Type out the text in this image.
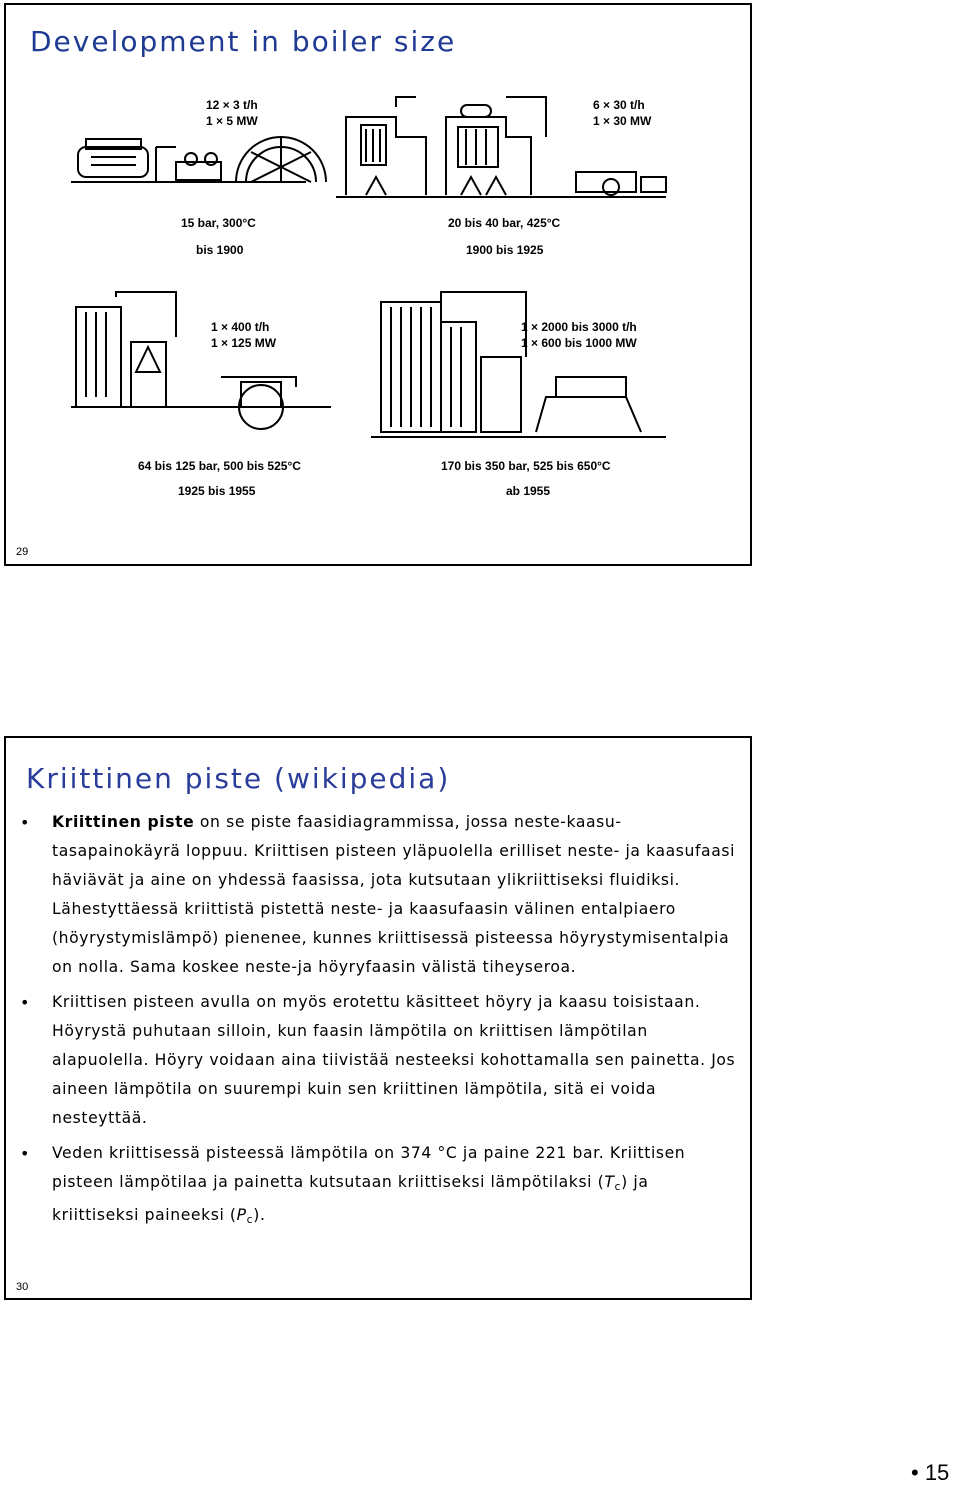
Development in boiler size
12 × 3 t/h
1 × 5 MW
15 bar, 300°C
bis 1900
6 × 30 t/h
1 × 30 MW
20 bis 40 bar, 425°C
1900 bis 1925
1 × 400 t/h
1 × 125 MW
64 bis 125 bar, 500 bis 525°C
1925 bis 1955
1 × 2000 bis 3000 t/h
1 × 600 bis 1000 MW
170 bis 350 bar, 525 bis 650°C
ab 1955
29
Kriittinen piste (wikipedia)
• Kriittinen piste on se piste faasidiagrammissa, jossa neste-kaasu-tasapainokäyrä loppuu. Kriittisen pisteen yläpuolella erilliset neste- ja kaasufaasi häviävät ja aine on yhdessä faasissa, jota kutsutaan ylikriittiseksi fluidiksi. Lähestyttäessä kriittistä pistettä neste- ja kaasufaasin välinen entalpiaero (höyrystymislämpö) pienenee, kunnes kriittisessä pisteessa höyrystymisentalpia on nolla. Sama koskee neste-ja höyryfaasin välistä tiheyseroa.
• Kriittisen pisteen avulla on myös erotettu käsitteet höyry ja kaasu toisistaan. Höyrystä puhutaan silloin, kun faasin lämpötila on kriittisen lämpötilan alapuolella. Höyry voidaan aina tiivistää nesteeksi kohottamalla sen painetta. Jos aineen lämpötila on suurempi kuin sen kriittinen lämpötila, sitä ei voida nesteyttää.
• Veden kriittisessä pisteessä lämpötila on 374 °C ja paine 221 bar. Kriittisen pisteen lämpötilaa ja painetta kutsutaan kriittiseksi lämpötilaksi $(T_c)$ ja kriittiseksi paineeksi $(P_c)$.
30
• 15
